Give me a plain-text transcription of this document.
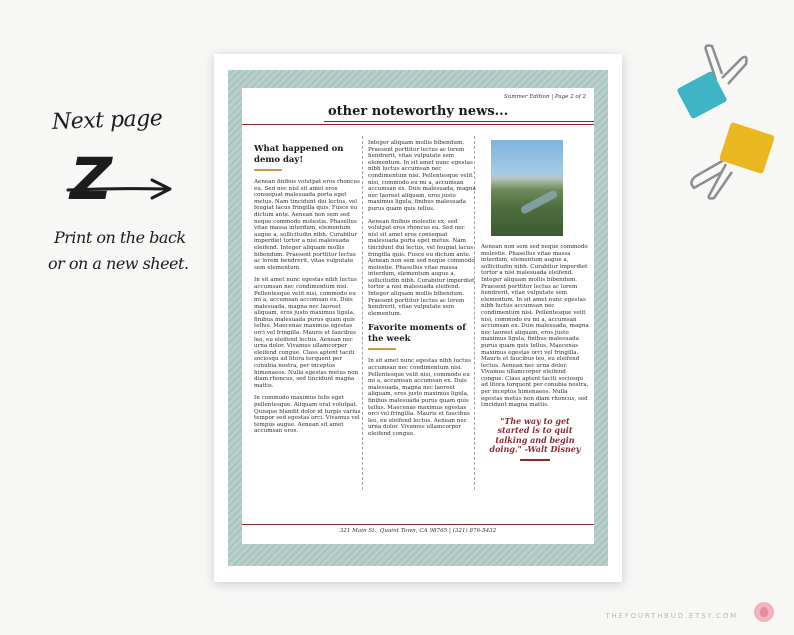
Next page
Z
Print on the back
or on a new sheet.
Summer Edition | Page 2 of 2
other noteworthy news...
What happened on demo day!

Aenean finibus volutpat eros rhoncus eu. Sed nec nisl sit amet eros consequat malesuada porta eget metus. Nam tincidunt dui lectus, vel feugiat lacus fringilla quis. Fusce eu dictum ante. Aenean non sem sed neque commodo molestie. Phasellus vitae massa interdum, elementum augue a, sollicitudin nibh. Curabitur imperdiet tortor a nisi malesuada eleifend. Integer aliquam mollis bibendum. Praesent porttitor lectus ac lorem hendrerit, vitae vulputate sem elementum.

In sit amet nunc egestas nibh luctus accumsan nec condimentum nisi. Pellentesque velit nisi, commodo eu mi a, accumsan accumsan ex. Duis malesuada, magna nec laoreet aliquam, eros justo maximus ligula, finibus malesuada purus quam quis tellus. Maecenas maximus egestas orci vel fringilla. Mauris et faucibus leo, eu eleifend lectus. Aenean nec urna dolor. Vivamus ullamcorper eleifend congue. Class aptent taciti sociosqu ad litora torquent per conubia nostra, per inceptos himenaeos. Nulla egestas metus non diam rhoncus, sed tincidunt magna mattis.

In commodo maximus felis eget pellentesque. Aliquam erat volutpat. Quisque blandit dolor id turpis varius tempor sed egestas orci. Vivamus vel tempus augue. Aenean sit amet accumsan eros.

Integer aliquam mollis bibendum. Praesent porttitor lectus ac lorem hendrerit, vitae vulputate sem elementum. In sit amet nunc egestas nibh luctus accumsan nec condimentum nisi. Pellentesque velit nisi, commodo eu mi a, accumsan accumsan ex. Duis malesuada, magna nec laoreet aliquam, eros justo maximus ligula, finibus malesuada purus quam quis tellus.

Aenean finibus molestie ex, sed volutpat eros rhoncus eu. Sed nec nisl sit amet eros consequat malesuada porta eget metus. Nam tincidunt dui lectus, vel feugiat lacus fringilla quis. Fusce eu dictum ante. Aenean non sem sed neque commodo molestie. Phasellus vitae massa interdum, elementum augue a, sollicitudin nibh. Curabitur imperdiet tortor a nisi malesuada eleifend. Integer aliquam mollis bibendum. Praesent porttitor lectus ac lorem hendrerit, vitae vulputate sem elementum.

Favorite moments of the week

In sit amet nunc egestas nibh luctus accumsan nec condimentum nisi. Pellentesque velit nisi, commodo eu mi a, accumsan accumsan ex. Duis malesuada, magna nec laoreet aliquam, eros justo maximus ligula, finibus malesuada purus quam quis tellus. Maecenas maximus egestas orci vel fringilla. Mauris et faucibus leo, eu eleifend lectus. Aenean nec urna dolor. Vivamus ullamcorper eleifend congue.

Aenean non sem sed neque commodo molestie. Phasellus vitae massa interdum, elementum augue a, sollicitudin nibh. Curabitur imperdiet tortor a nisi malesuada eleifend. Integer aliquam mollis bibendum. Praesent porttitor lectus ac lorem hendrerit, vitae vulputate sem elementum. In sit amet nunc egestas nibh luctus accumsan nec condimentum nisi. Pellentesque velit nisi, commodo eu mi a, accumsan accumsan ex. Duis malesuada, magna nec laoreet aliquam, eros justo maximus ligula, finibus malesuada purus quam quis tellus. Maecenas maximus egestas orci vel fringilla. Mauris et faucibus leo, eu eleifend lectus. Aenean nec urna dolor. Vivamus ullamcorper eleifend congue. Class aptent taciti sociosqu ad litora torquent per conubia nostra, per inceptos himenaeos. Nulla egestas metus non diam rhoncus, sed tincidunt magna mattis.

"The way to get started is to quit talking and begin doing." -Walt Disney
321 Main St., Quaint Town, CA 98765 | (321) 876-5432
THEFOURTHBUD.ETSY.COM
